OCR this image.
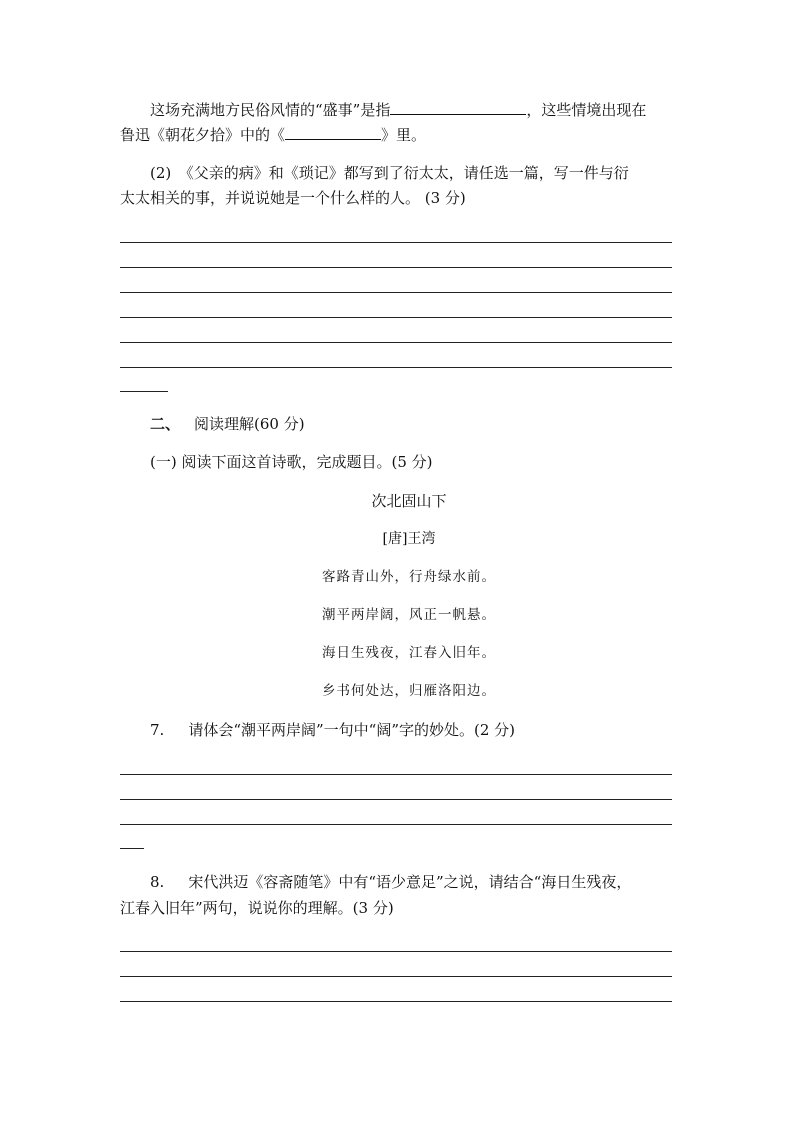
这场充满地方民俗风情的“盛事”是指	，这些情境出现在
鲁迅《朝花夕拾》中的《	》里。
(2)　《父亲的病》和《琐记》都写到了衍太太，请任选一篇，写一件与衍
太太相关的事，并说说她是一个什么样的人。 (3 分)
二、 阅读理解(60 分)
(一) 阅读下面这首诗歌，完成题目。(5 分)
次北固山下
[唐]王湾
客路青山外，行舟绿水前。
潮平两岸阔，风正一帆悬。
海日生残夜，江春入旧年。
乡书何处达，归雁洛阳边。
7. 请体会“潮平两岸阔”一句中“阔”字的妙处。(2 分)
8. 宋代洪迈《容斋随笔》中有“语少意足”之说，请结合“海日生残夜，
江春入旧年”两句，说说你的理解。(3 分)
